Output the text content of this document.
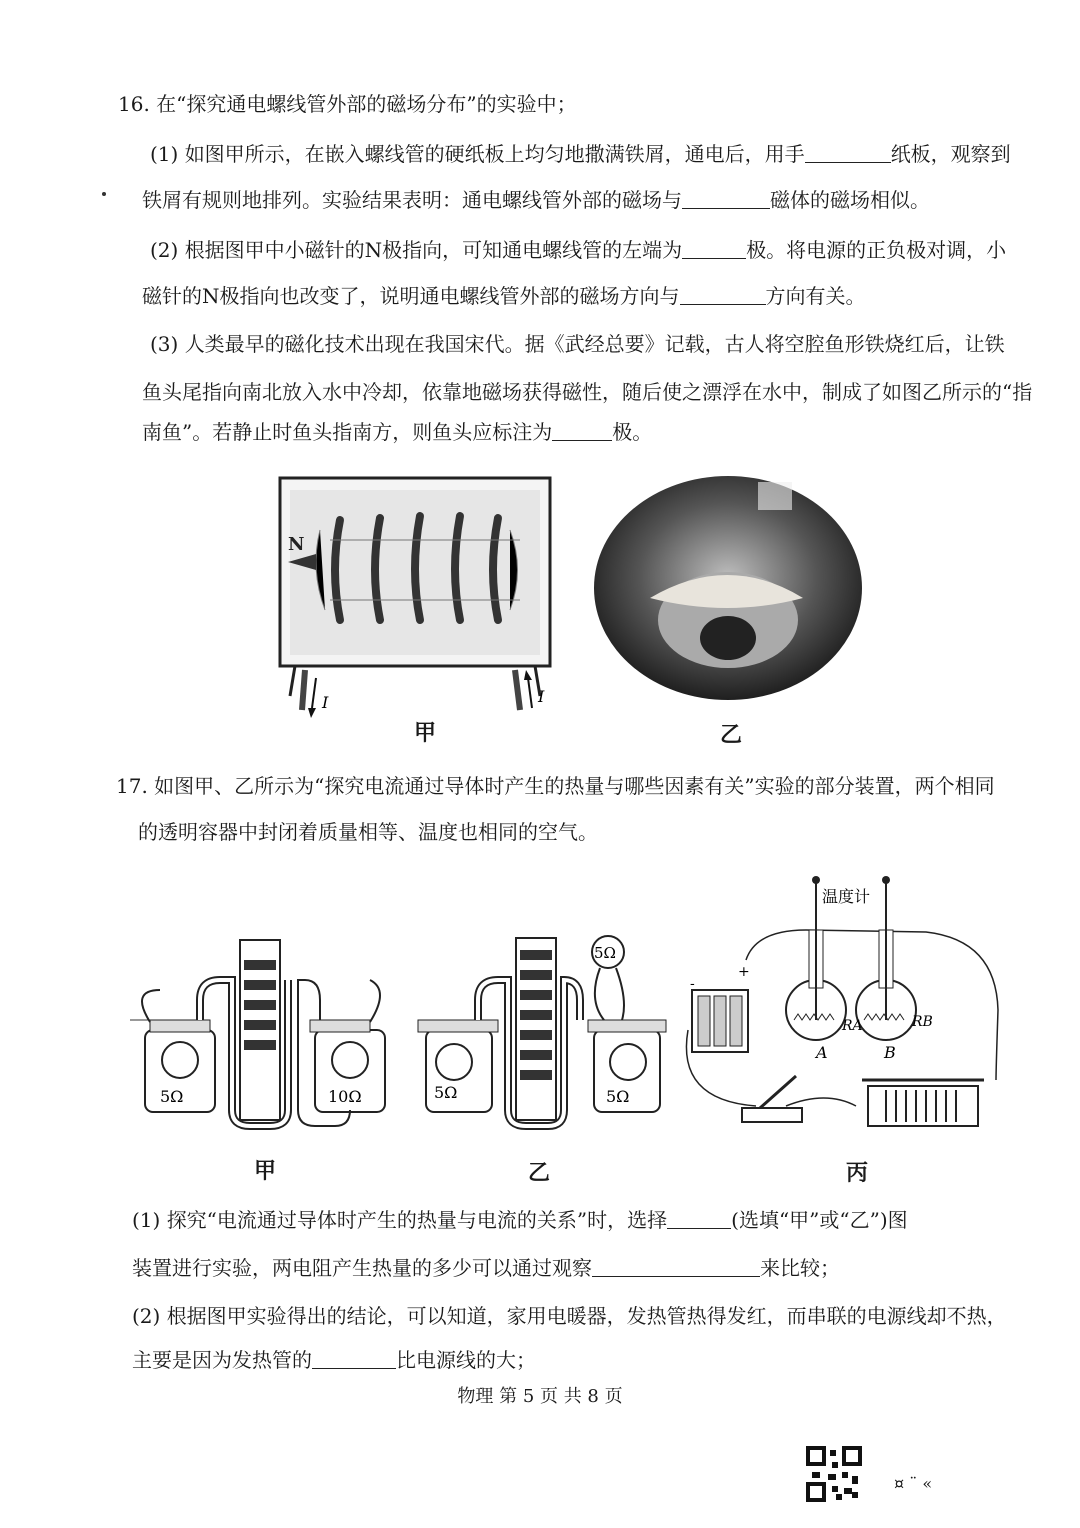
16. 在“探究通电螺线管外部的磁场分布”的实验中；
(1) 如图甲所示，在嵌入螺线管的硬纸板上均匀地撒满铁屑，通电后，用手	纸板，观察到
铁屑有规则地排列。实验结果表明：通电螺线管外部的磁场与	磁体的磁场相似。
(2) 根据图甲中小磁针的N极指向，可知通电螺线管的左端为	极。将电源的正负极对调，小
磁针的N极指向也改变了，说明通电螺线管外部的磁场方向与	方向有关。
(3) 人类最早的磁化技术出现在我国宋代。据《武经总要》记载，古人将空腔鱼形铁烧红后，让铁
鱼头尾指向南北放入水中冷却，依靠地磁场获得磁性，随后使之漂浮在水中，制成了如图乙所示的“指
南鱼”。若静止时鱼头指南方，则鱼头应标注为	极。
N
I	I
甲	乙
17. 如图甲、乙所示为“探究电流通过导体时产生的热量与哪些因素有关”实验的部分装置，两个相同
的透明容器中封闭着质量相等、温度也相同的空气。
5Ω	10Ω
甲
5Ω	5Ω
5Ω
乙
-
+
温度计
RA	RB
A	B
丙
(1) 探究“电流通过导体时产生的热量与电流的关系”时，选择	(选填“甲”或“乙”)图
装置进行实验，两电阻产生热量的多少可以通过观察	来比较；
(2) 根据图甲实验得出的结论，可以知道，家用电暖器，发热管热得发红，而串联的电源线却不热，
主要是因为发热管的	比电源线的大；
物理 第 5 页 共 8 页
¤ ¨ «
